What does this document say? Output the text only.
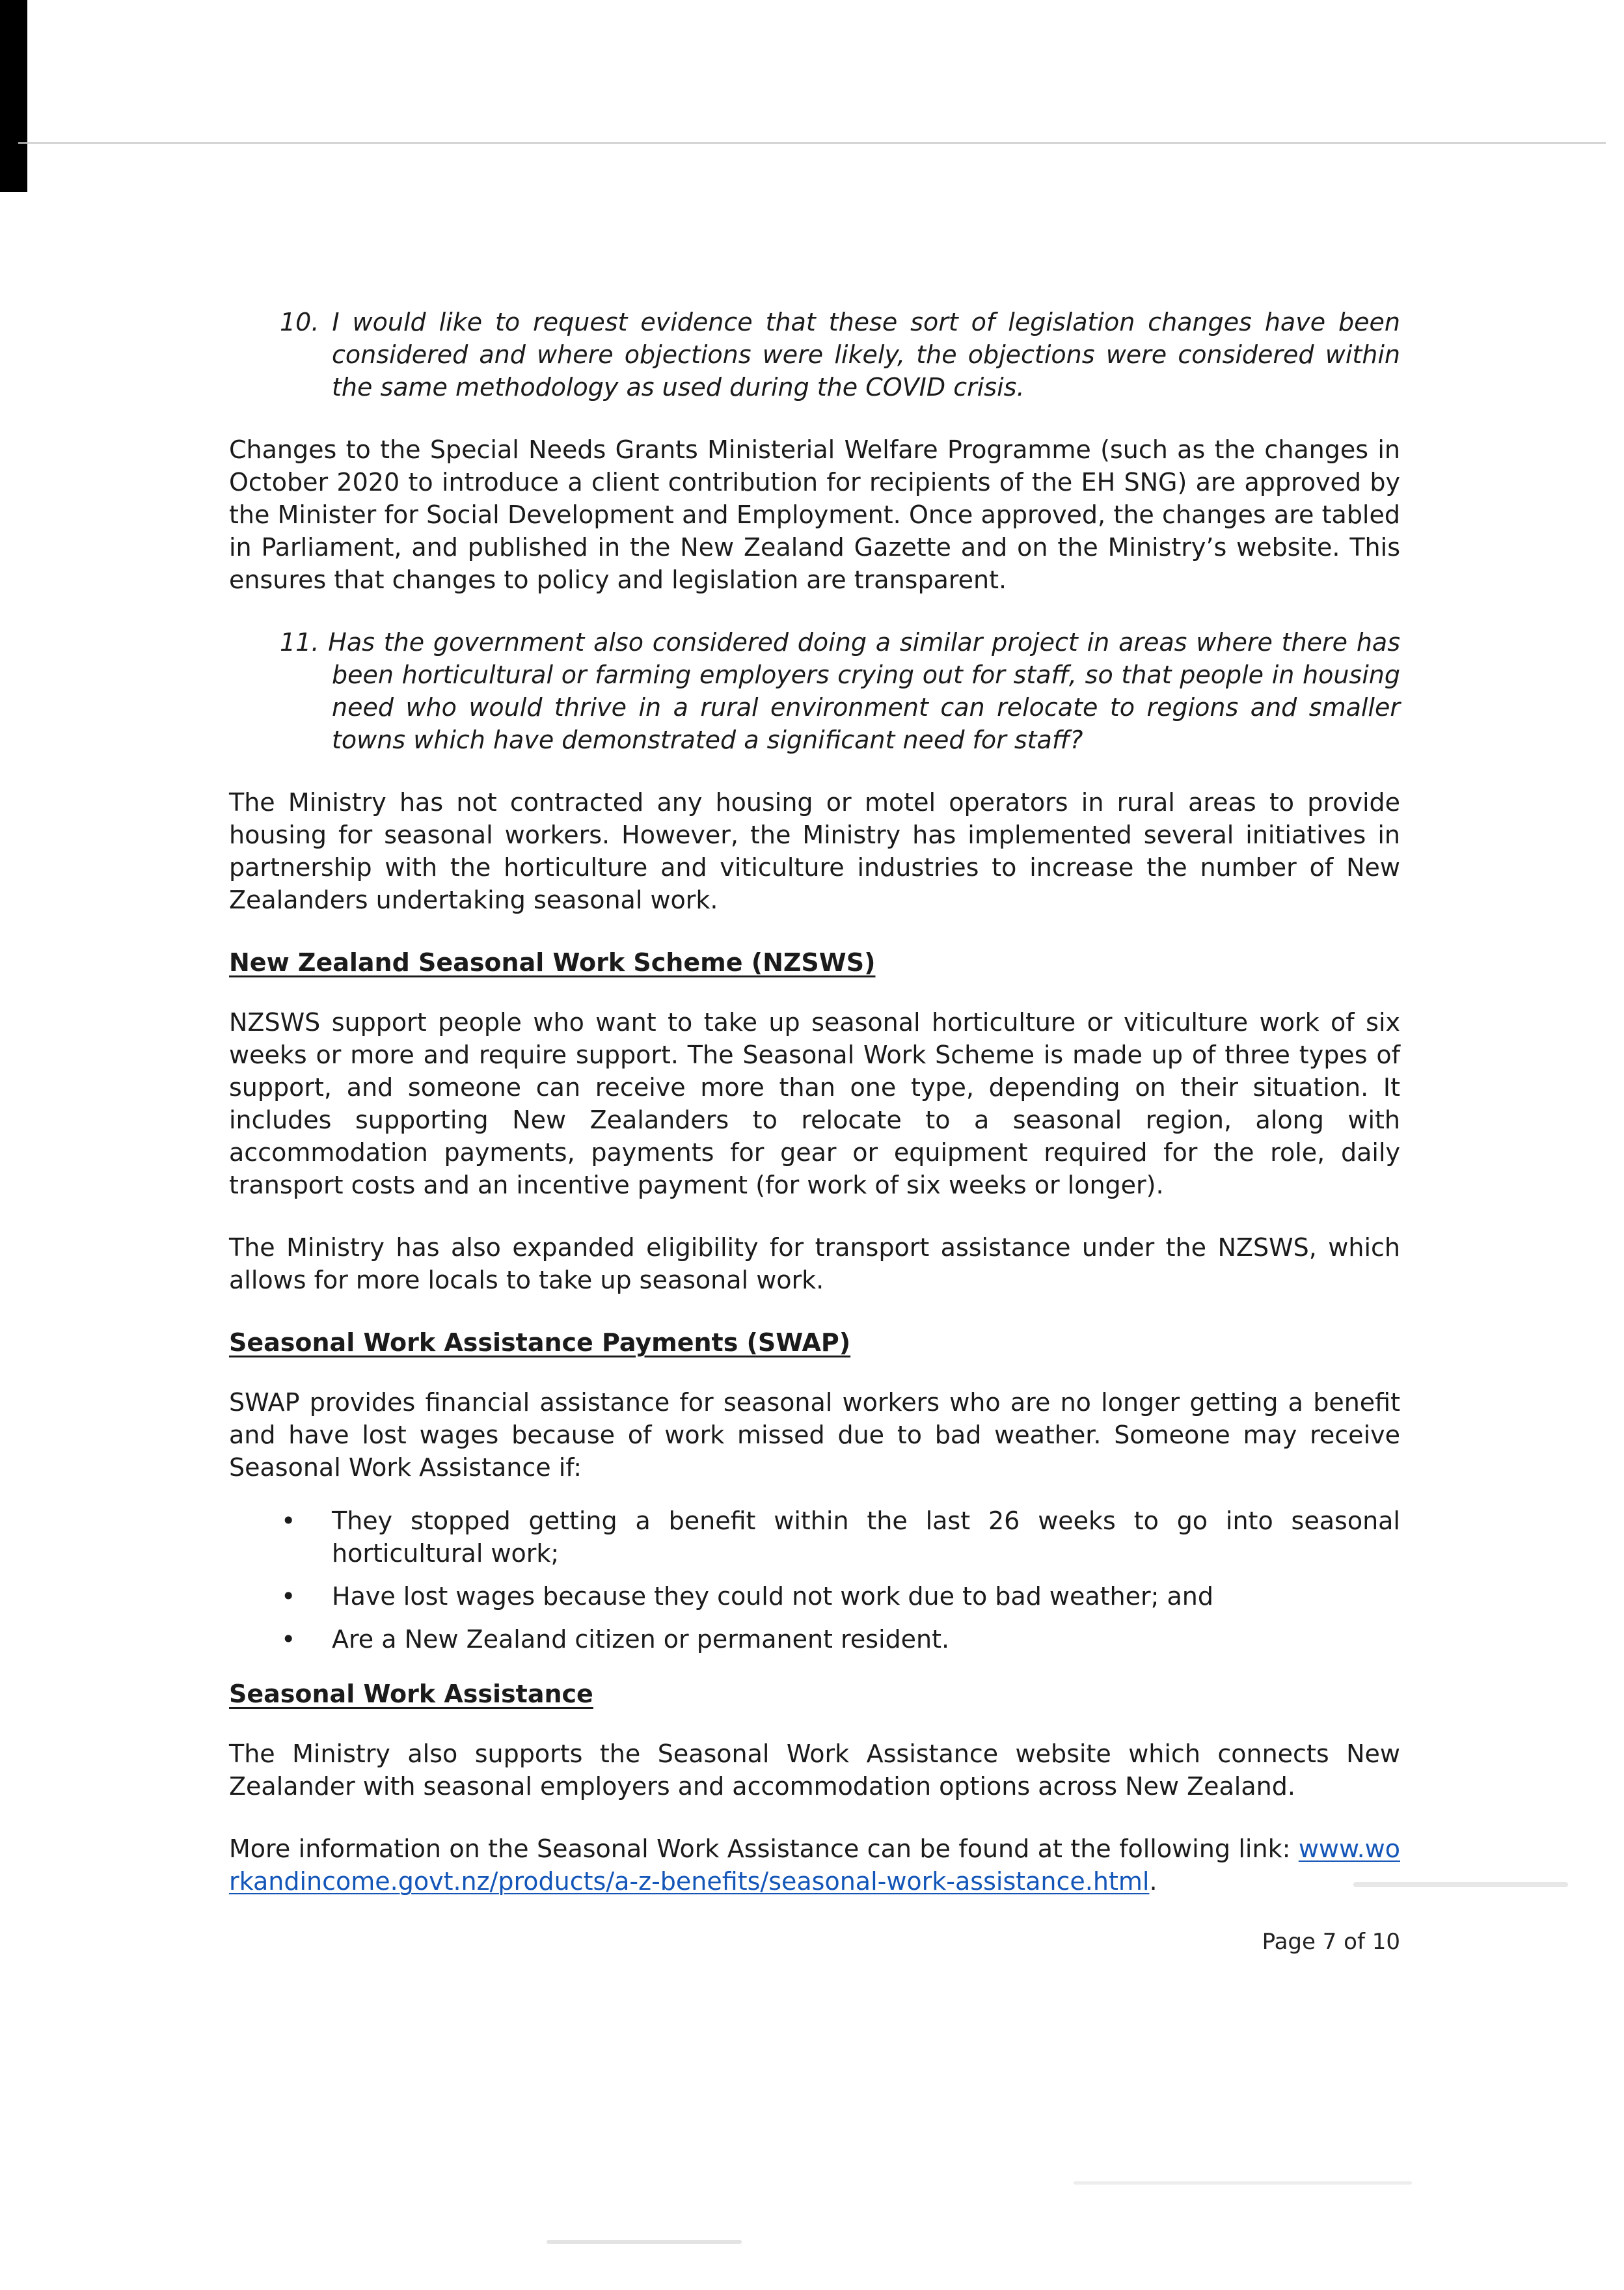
10. I would like to request evidence that these sort of legislation changes have been considered and where objections were likely, the objections were considered within the same methodology as used during the COVID crisis.

Changes to the Special Needs Grants Ministerial Welfare Programme (such as the changes in October 2020 to introduce a client contribution for recipients of the EH SNG) are approved by the Minister for Social Development and Employment. Once approved, the changes are tabled in Parliament, and published in the New Zealand Gazette and on the Ministry’s website. This ensures that changes to policy and legislation are transparent.

11. Has the government also considered doing a similar project in areas where there has been horticultural or farming employers crying out for staff, so that people in housing need who would thrive in a rural environment can relocate to regions and smaller towns which have demonstrated a significant need for staff?

The Ministry has not contracted any housing or motel operators in rural areas to provide housing for seasonal workers. However, the Ministry has implemented several initiatives in partnership with the horticulture and viticulture industries to increase the number of New Zealanders undertaking seasonal work.

New Zealand Seasonal Work Scheme (NZSWS)

NZSWS support people who want to take up seasonal horticulture or viticulture work of six weeks or more and require support. The Seasonal Work Scheme is made up of three types of support, and someone can receive more than one type, depending on their situation. It includes supporting New Zealanders to relocate to a seasonal region, along with accommodation payments, payments for gear or equipment required for the role, daily transport costs and an incentive payment (for work of six weeks or longer).

The Ministry has also expanded eligibility for transport assistance under the NZSWS, which allows for more locals to take up seasonal work.

Seasonal Work Assistance Payments (SWAP)

SWAP provides financial assistance for seasonal workers who are no longer getting a benefit and have lost wages because of work missed due to bad weather. Someone may receive Seasonal Work Assistance if:

• They stopped getting a benefit within the last 26 weeks to go into seasonal horticultural work;
• Have lost wages because they could not work due to bad weather; and
• Are a New Zealand citizen or permanent resident.
Seasonal Work Assistance

The Ministry also supports the Seasonal Work Assistance website which connects New Zealander with seasonal employers and accommodation options across New Zealand.

More information on the Seasonal Work Assistance can be found at the following link: www.workandincome.govt.nz/products/a-z-benefits/seasonal-work-assistance.html.

Page 7 of 10
